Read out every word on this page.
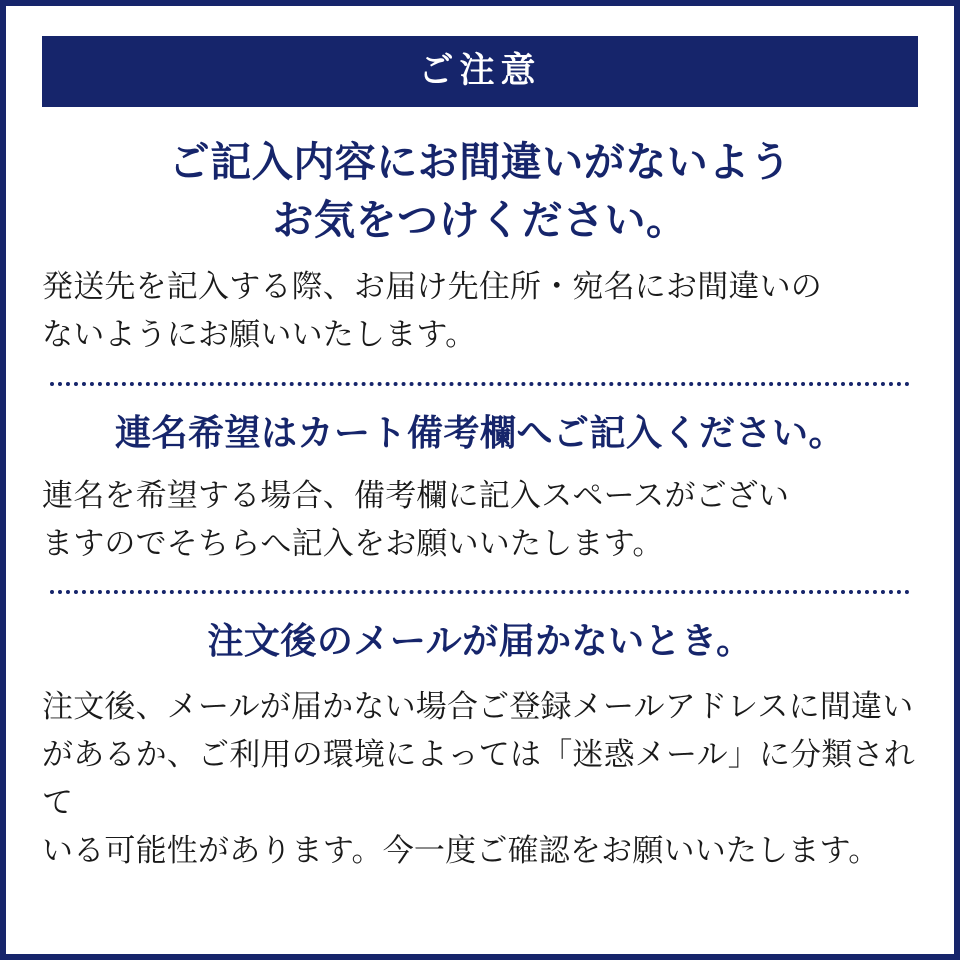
ご注意
ご記入内容にお間違いがないよう
お気をつけください。
発送先を記入する際、お届け先住所・宛名にお間違いの
ないようにお願いいたします。
連名希望はカート備考欄へご記入ください。
連名を希望する場合、備考欄に記入スペースがござい
ますのでそちらへ記入をお願いいたします。
注文後のメールが届かないとき。
注文後、メールが届かない場合ご登録メールアドレスに間違い
があるか、ご利用の環境によっては「迷惑メール」に分類されて
いる可能性があります。今一度ご確認をお願いいたします。
